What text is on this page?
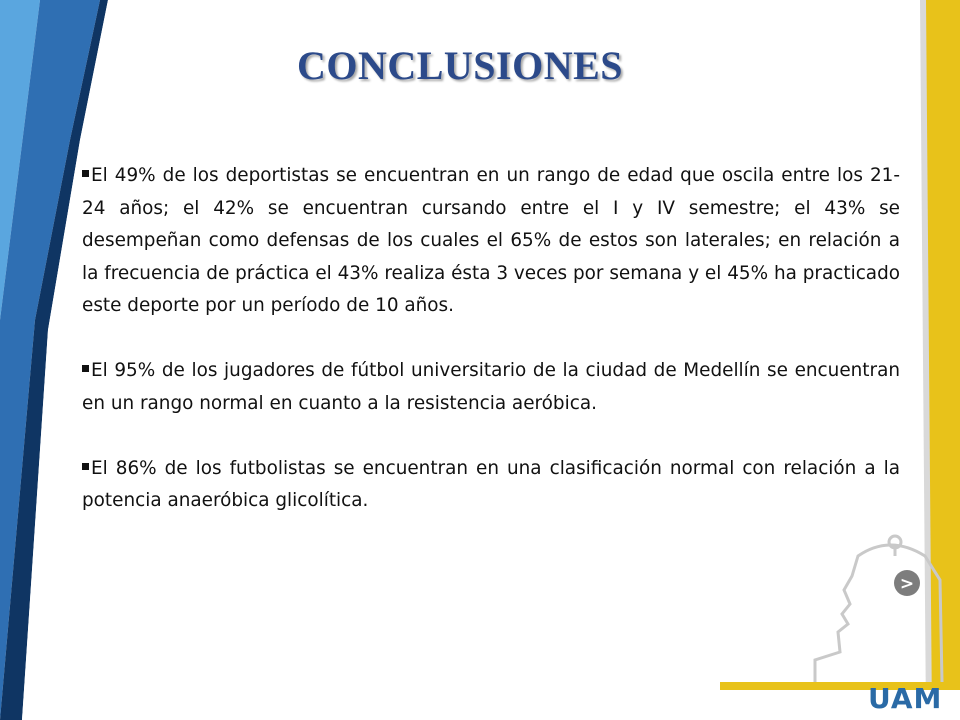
CONCLUSIONES

El 49% de los deportistas se encuentran en un rango de edad que oscila entre los 21-24 años; el 42% se encuentran cursando entre el I y IV semestre; el 43% se desempeñan como defensas de los cuales el 65% de estos son laterales; en relación a la frecuencia de práctica el 43% realiza ésta 3 veces por semana y el 45% ha practicado este deporte por un período de 10 años.

El 95% de los jugadores de fútbol universitario de la ciudad de Medellín se encuentran en un rango normal en cuanto a la resistencia aeróbica.

El 86% de los futbolistas se encuentran en una clasificación normal con relación a la potencia anaeróbica glicolítica.

>
UAM
